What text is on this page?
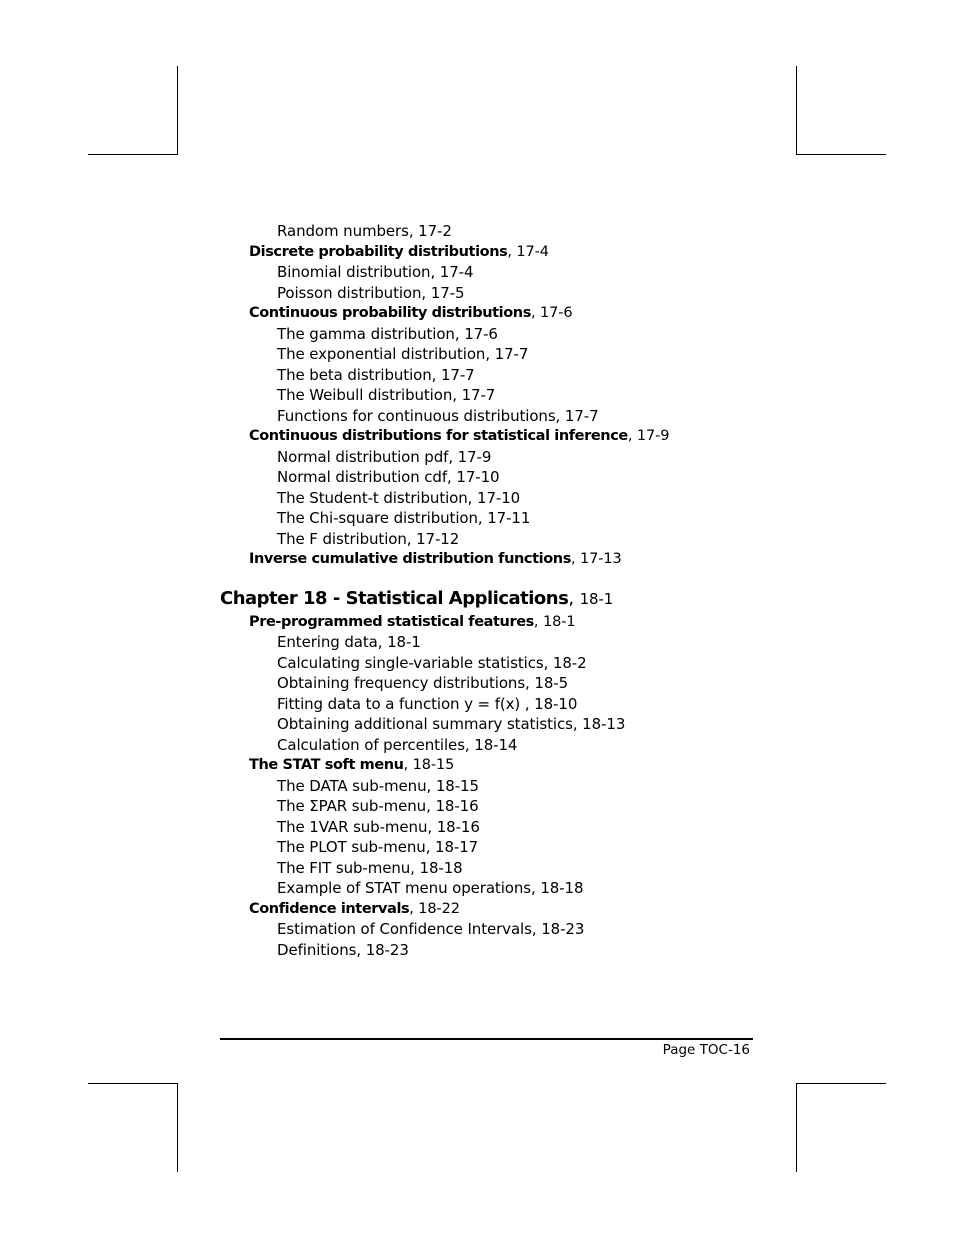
Random numbers, 17-2
Discrete probability distributions, 17-4
Binomial distribution, 17-4
Poisson distribution, 17-5
Continuous probability distributions, 17-6
The gamma distribution, 17-6
The exponential distribution, 17-7
The beta distribution, 17-7
The Weibull distribution, 17-7
Functions for continuous distributions, 17-7
Continuous distributions for statistical inference, 17-9
Normal distribution pdf, 17-9
Normal distribution cdf, 17-10
The Student-t distribution, 17-10
The Chi-square distribution, 17-11
The F distribution, 17-12
Inverse cumulative distribution functions, 17-13
Chapter 18 - Statistical Applications, 18-1
Pre-programmed statistical features, 18-1
Entering data, 18-1
Calculating single-variable statistics, 18-2
Obtaining frequency distributions, 18-5
Fitting data to a function y = f(x) , 18-10
Obtaining additional summary statistics, 18-13
Calculation of percentiles, 18-14
The STAT soft menu, 18-15
The DATA sub-menu, 18-15
The ΣPAR sub-menu, 18-16
The 1VAR sub-menu, 18-16
The PLOT sub-menu, 18-17
The FIT sub-menu, 18-18
Example of STAT menu operations, 18-18
Confidence intervals, 18-22
Estimation of Confidence Intervals, 18-23
Definitions, 18-23
Page TOC-16
